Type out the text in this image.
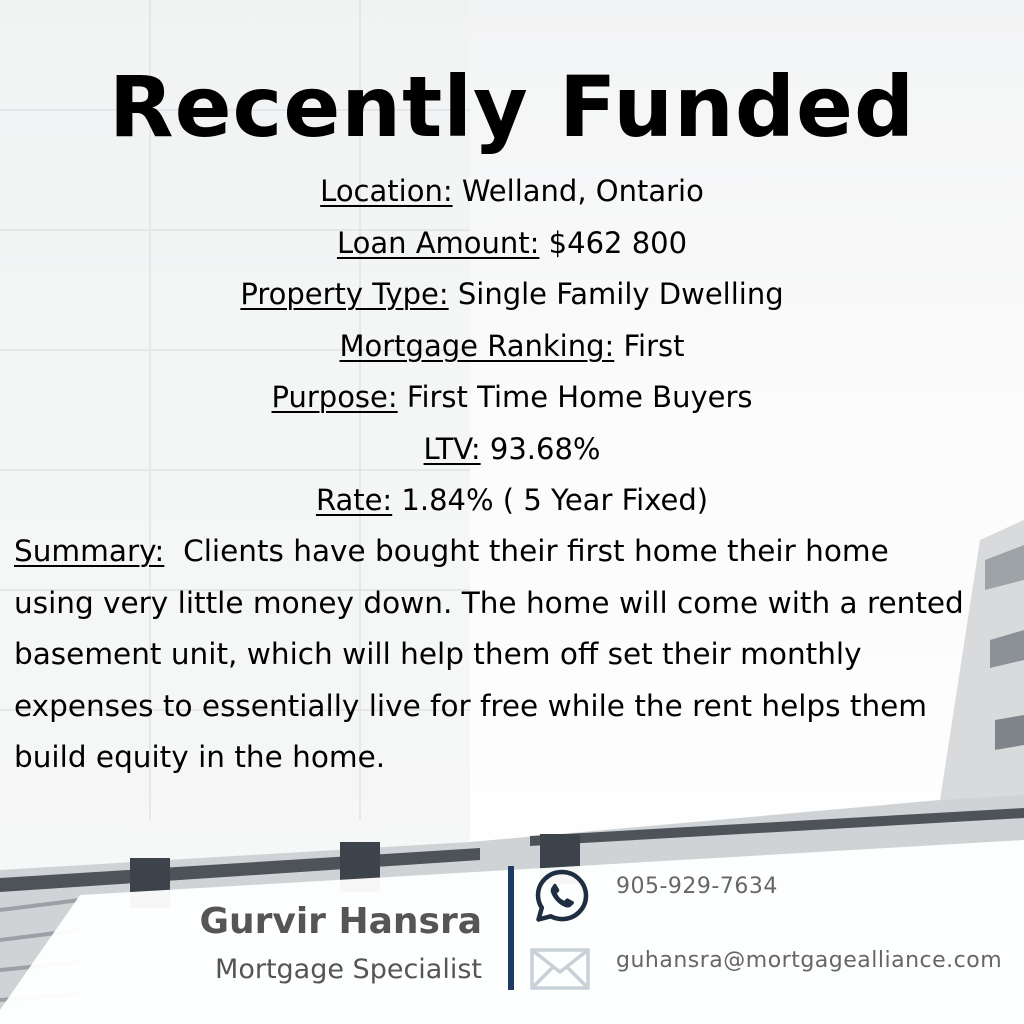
Recently Funded
Location: Welland, Ontario
Loan Amount: $462 800
Property Type: Single Family Dwelling
Mortgage Ranking: First
Purpose: First Time Home Buyers
LTV: 93.68%
Rate: 1.84% ( 5 Year Fixed)

Summary:  Clients have bought their first home their home using very little money down. The home will come with a rented basement unit, which will help them off set their monthly expenses to essentially live for free while the rent helps them build equity in the home.

Gurvir Hansra
Mortgage Specialist
905-929-7634
guhansra@mortgagealliance.com
